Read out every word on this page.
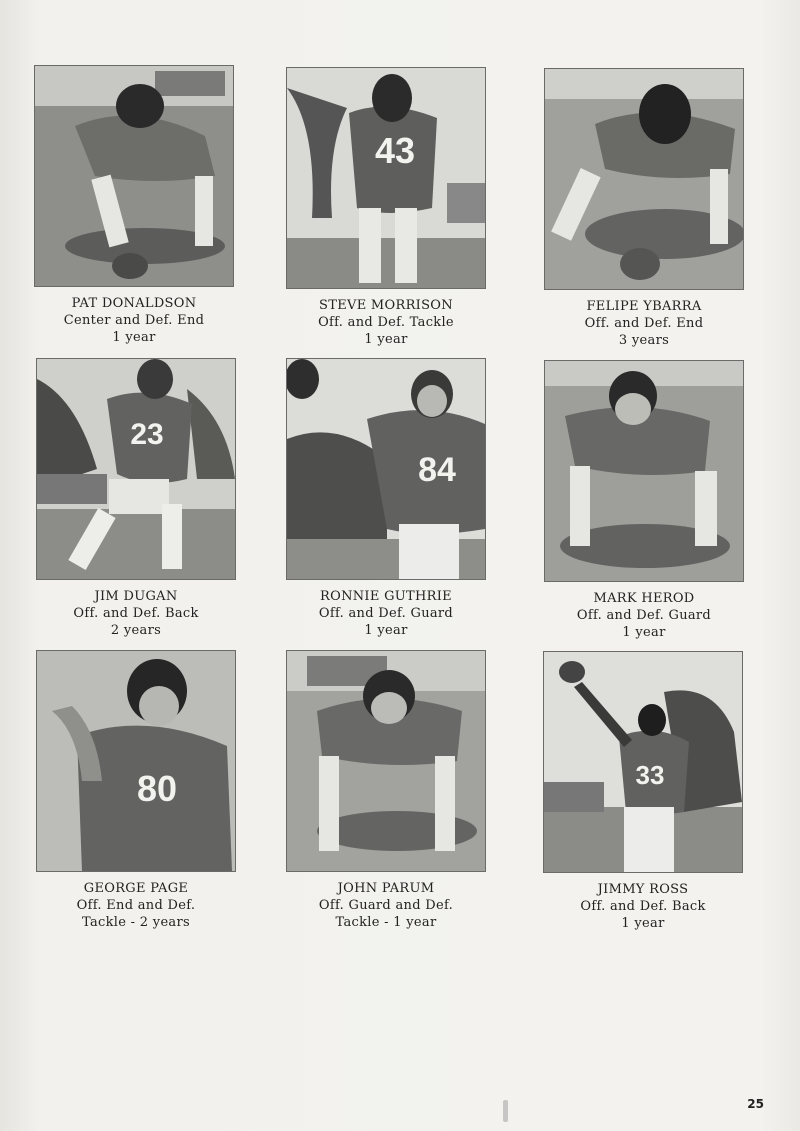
PAT DONALDSON
Center and Def. End
1 year
43
STEVE MORRISON
Off. and Def. Tackle
1 year
FELIPE YBARRA
Off. and Def. End
3 years
23
JIM DUGAN
Off. and Def. Back
2 years
84
RONNIE GUTHRIE
Off. and Def. Guard
1 year
MARK HEROD
Off. and Def. Guard
1 year
80
GEORGE PAGE
Off. End and Def.
Tackle - 2 years
JOHN PARUM
Off. Guard and Def.
Tackle - 1 year
33
JIMMY ROSS
Off. and Def. Back
1 year
25
